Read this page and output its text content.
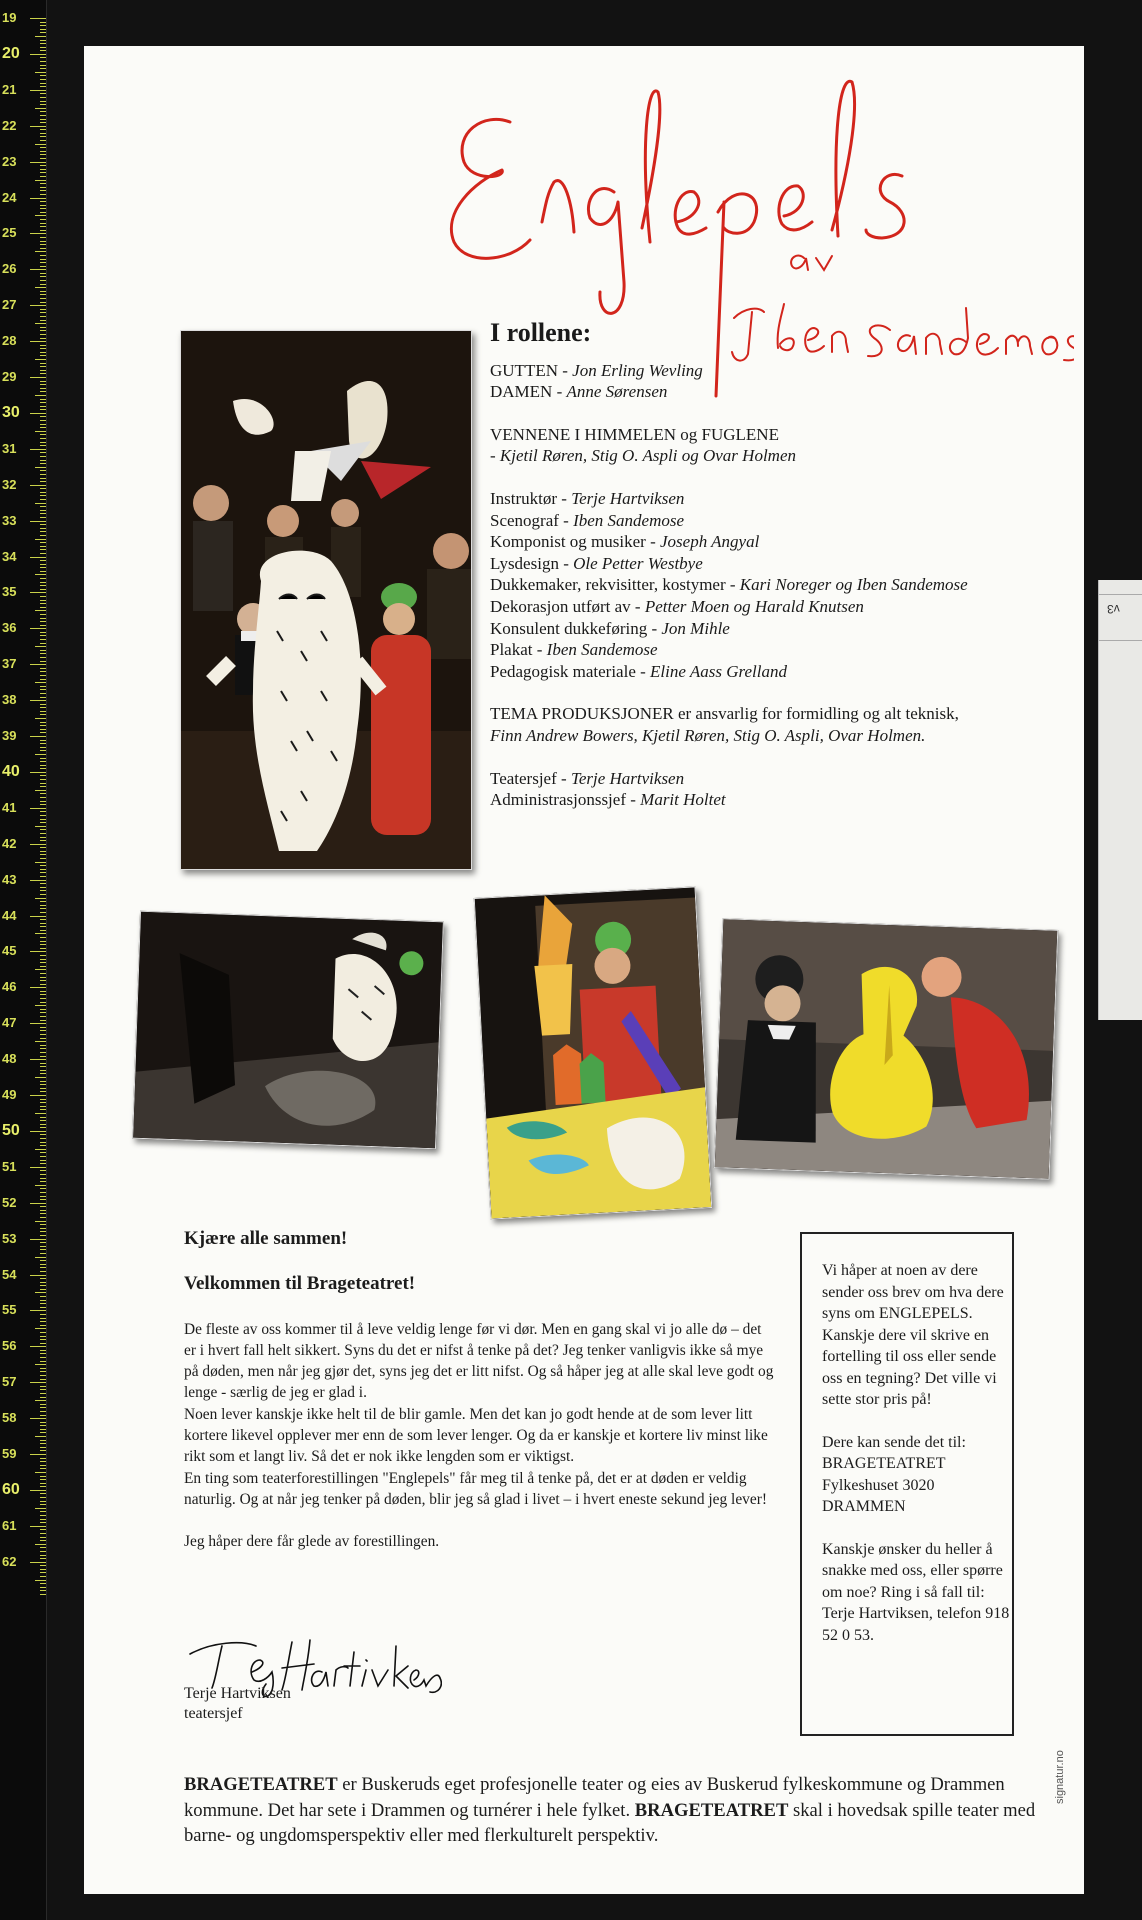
19
20
21
22
23
24
25
26
27
28
29
30
31
32
33
34
35
36
37
38
39
40
41
42
43
44
45
46
47
48
49
50
51
52
53
54
55
56
57
58
59
60
61
62
v3
I rollene:
GUTTEN - Jon Erling Wevling
DAMEN - Anne Sørensen
VENNENE I HIMMELEN og FUGLENE
- Kjetil Røren, Stig O. Aspli og Ovar Holmen
Instruktør - Terje Hartviksen
Scenograf - Iben Sandemose
Komponist og musiker - Joseph Angyal
Lysdesign - Ole Petter Westbye
Dukkemaker, rekvisitter, kostymer - Kari Noreger og Iben Sandemose
Dekorasjon utført av - Petter Moen og Harald Knutsen
Konsulent dukkeføring - Jon Mihle
Plakat - Iben Sandemose
Pedagogisk materiale - Eline Aass Grelland
TEMA PRODUKSJONER er ansvarlig for formidling og alt teknisk,
Finn Andrew Bowers, Kjetil Røren, Stig O. Aspli, Ovar Holmen.
Teatersjef - Terje Hartviksen
Administrasjonssjef - Marit Holtet
Kjære alle sammen!
Velkommen til Brageteatret!

De fleste av oss kommer til å leve veldig lenge før vi dør. Men en gang skal vi jo alle dø – det er i hvert fall helt sikkert. Syns du det er nifst å tenke på det? Jeg tenker vanligvis ikke så mye på døden, men når jeg gjør det, syns jeg det er litt nifst. Og så håper jeg at alle skal leve godt og lenge - særlig de jeg er glad i.

Noen lever kanskje ikke helt til de blir gamle. Men det kan jo godt hende at de som lever litt kortere likevel opplever mer enn de som lever lenger. Og da er kanskje et kortere liv minst like rikt som et langt liv. Så det er nok ikke lengden som er viktigst.

En ting som teaterforestillingen "Englepels" får meg til å tenke på, det er at døden er veldig naturlig. Og at når jeg tenker på døden, blir jeg så glad i livet – i hvert eneste sekund jeg lever!

Jeg håper dere får glede av forestillingen.

Terje Hartviksen
teatersjef
Vi håper at noen av dere sender oss brev om hva dere syns om ENGLEPELS. Kanskje dere vil skrive en fortelling til oss eller sende oss en tegning? Det ville vi sette stor pris på!
Dere kan sende det til: BRAGETEATRET Fylkeshuset 3020 DRAMMEN
Kanskje ønsker du heller å snakke med oss, eller spørre om noe? Ring i så fall til: Terje Hartviksen, telefon 918 52 0 53.
BRAGETEATRET er Buskeruds eget profesjonelle teater og eies av Buskerud fylkeskommune og Drammen kommune. Det har sete i Drammen og turnérer i hele fylket. BRAGETEATRET skal i hovedsak spille teater med barne- og ungdomsperspektiv eller med flerkulturelt perspektiv.
signatur.no
